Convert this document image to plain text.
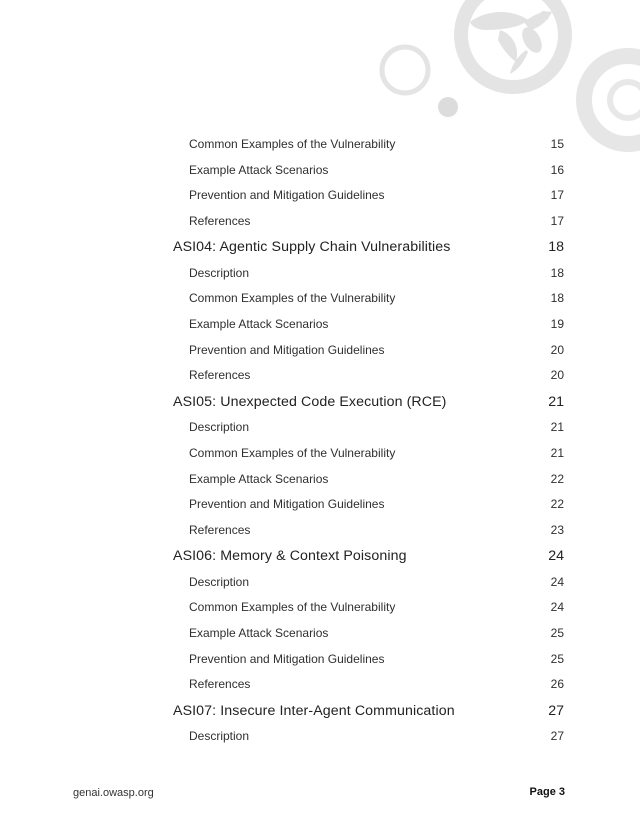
Common Examples of the Vulnerability	15
Example Attack Scenarios	16
Prevention and Mitigation Guidelines	17
References	17
ASI04: Agentic Supply Chain Vulnerabilities	18
Description	18
Common Examples of the Vulnerability	18
Example Attack Scenarios	19
Prevention and Mitigation Guidelines	20
References	20
ASI05: Unexpected Code Execution (RCE)	21
Description	21
Common Examples of the Vulnerability	21
Example Attack Scenarios	22
Prevention and Mitigation Guidelines	22
References	23
ASI06: Memory & Context Poisoning	24
Description	24
Common Examples of the Vulnerability	24
Example Attack Scenarios	25
Prevention and Mitigation Guidelines	25
References	26
ASI07: Insecure Inter-Agent Communication	27
Description	27
genai.owasp.org	Page 3
